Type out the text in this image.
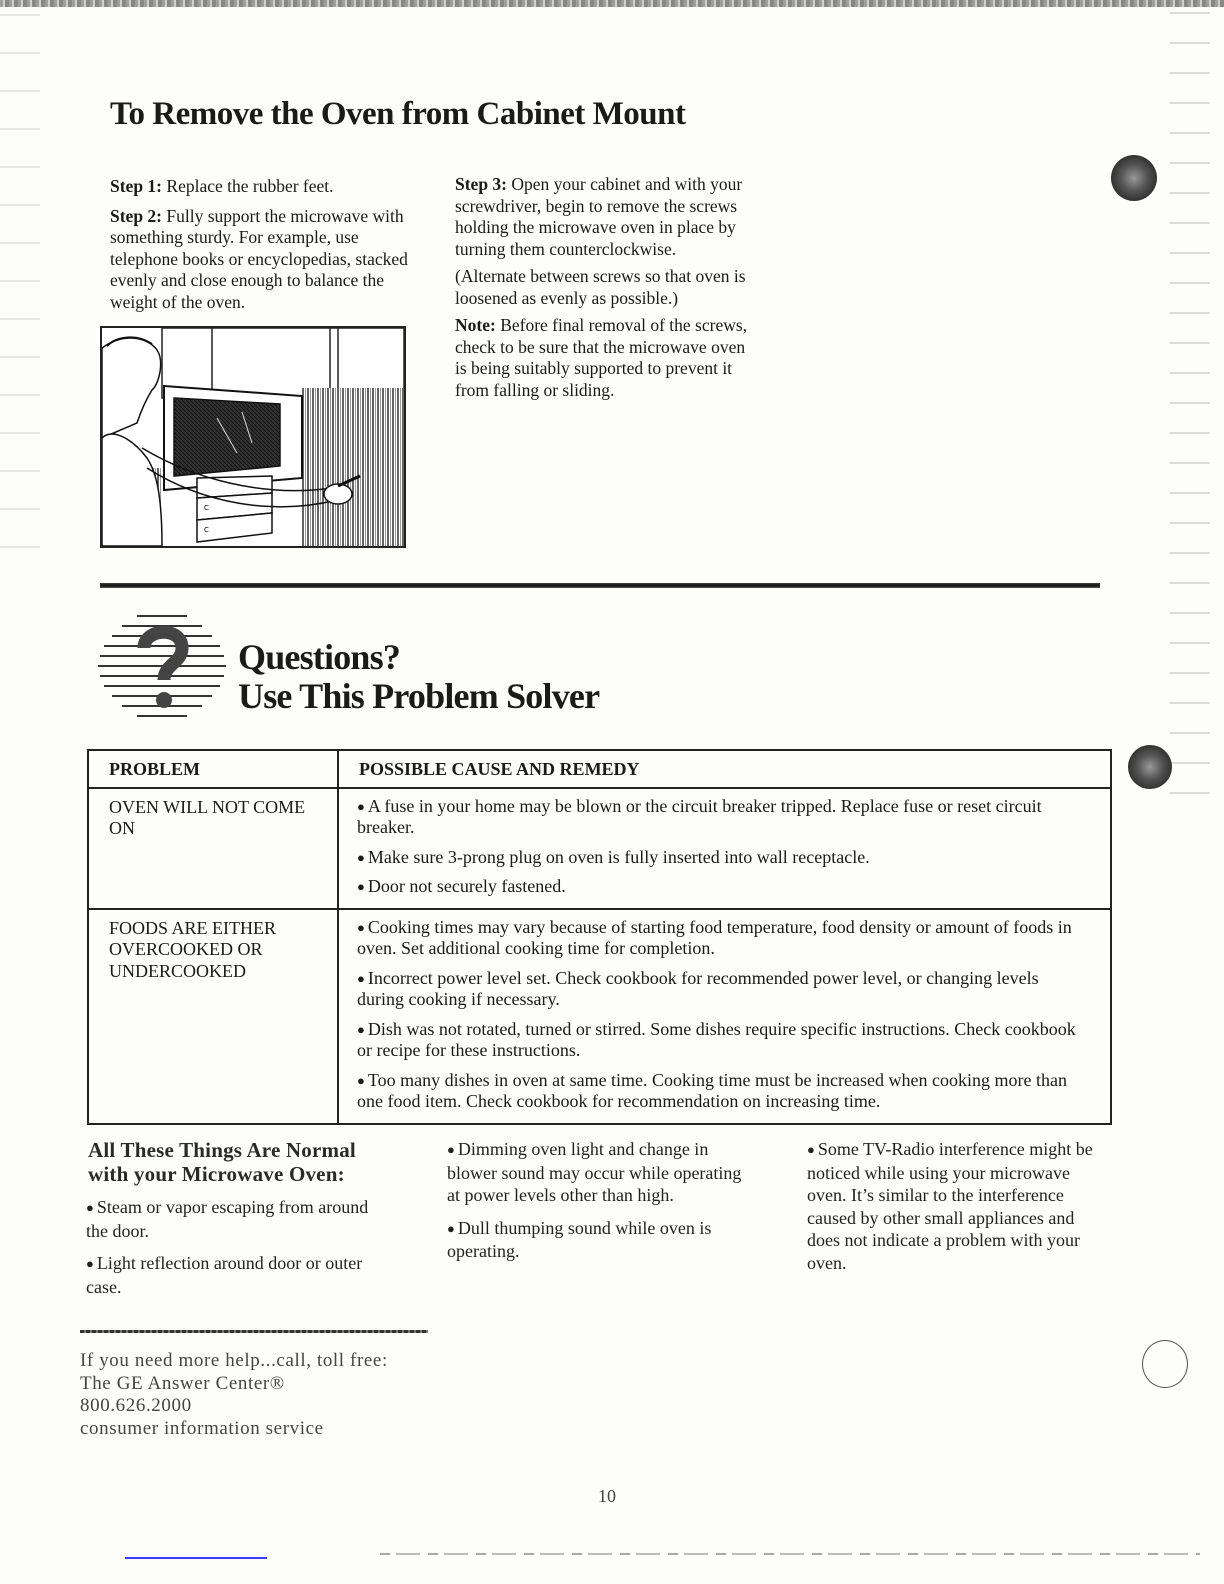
To Remove the Oven from Cabinet Mount

Step 1: Replace the rubber feet.

Step 2: Fully support the microwave with something sturdy. For example, use telephone books or encyclopedias, stacked evenly and close enough to balance the weight of the oven.

C
C

Step 3: Open your cabinet and with your screwdriver, begin to remove the screws holding the microwave oven in place by turning them counterclockwise.

(Alternate between screws so that oven is loosened as evenly as possible.)

Note: Before final removal of the screws, check to be sure that the microwave oven is being suitably supported to prevent it from falling or sliding.

Questions?
Use This Problem Solver
PROBLEM	POSSIBLE CAUSE AND REMEDY
OVEN WILL NOT COME ON	● A fuse in your home may be blown or the circuit breaker tripped. Replace fuse or reset circuit breaker.
● Make sure 3-prong plug on oven is fully inserted into wall receptacle.
● Door not securely fastened.

FOODS ARE EITHER OVERCOOKED OR UNDERCOOKED	● Cooking times may vary because of starting food temperature, food density or amount of foods in oven. Set additional cooking time for completion.
● Incorrect power level set. Check cookbook for recommended power level, or changing levels during cooking if necessary.
● Dish was not rotated, turned or stirred. Some dishes require specific instructions. Check cookbook or recipe for these instructions.
● Too many dishes in oven at same time. Cooking time must be increased when cooking more than one food item. Check cookbook for recommendation on increasing time.
All These Things Are Normal
with your Microwave Oven:

● Steam or vapor escaping from around the door.

● Light reflection around door or outer case.

● Dimming oven light and change in blower sound may occur while operating at power levels other than high.

● Dull thumping sound while oven is operating.

● Some TV-Radio interference might be noticed while using your microwave oven. It’s similar to the interference caused by other small appliances and does not indicate a problem with your oven.

If you need more help...call, toll free:
The GE Answer Center®
800.626.2000
consumer information service
10
